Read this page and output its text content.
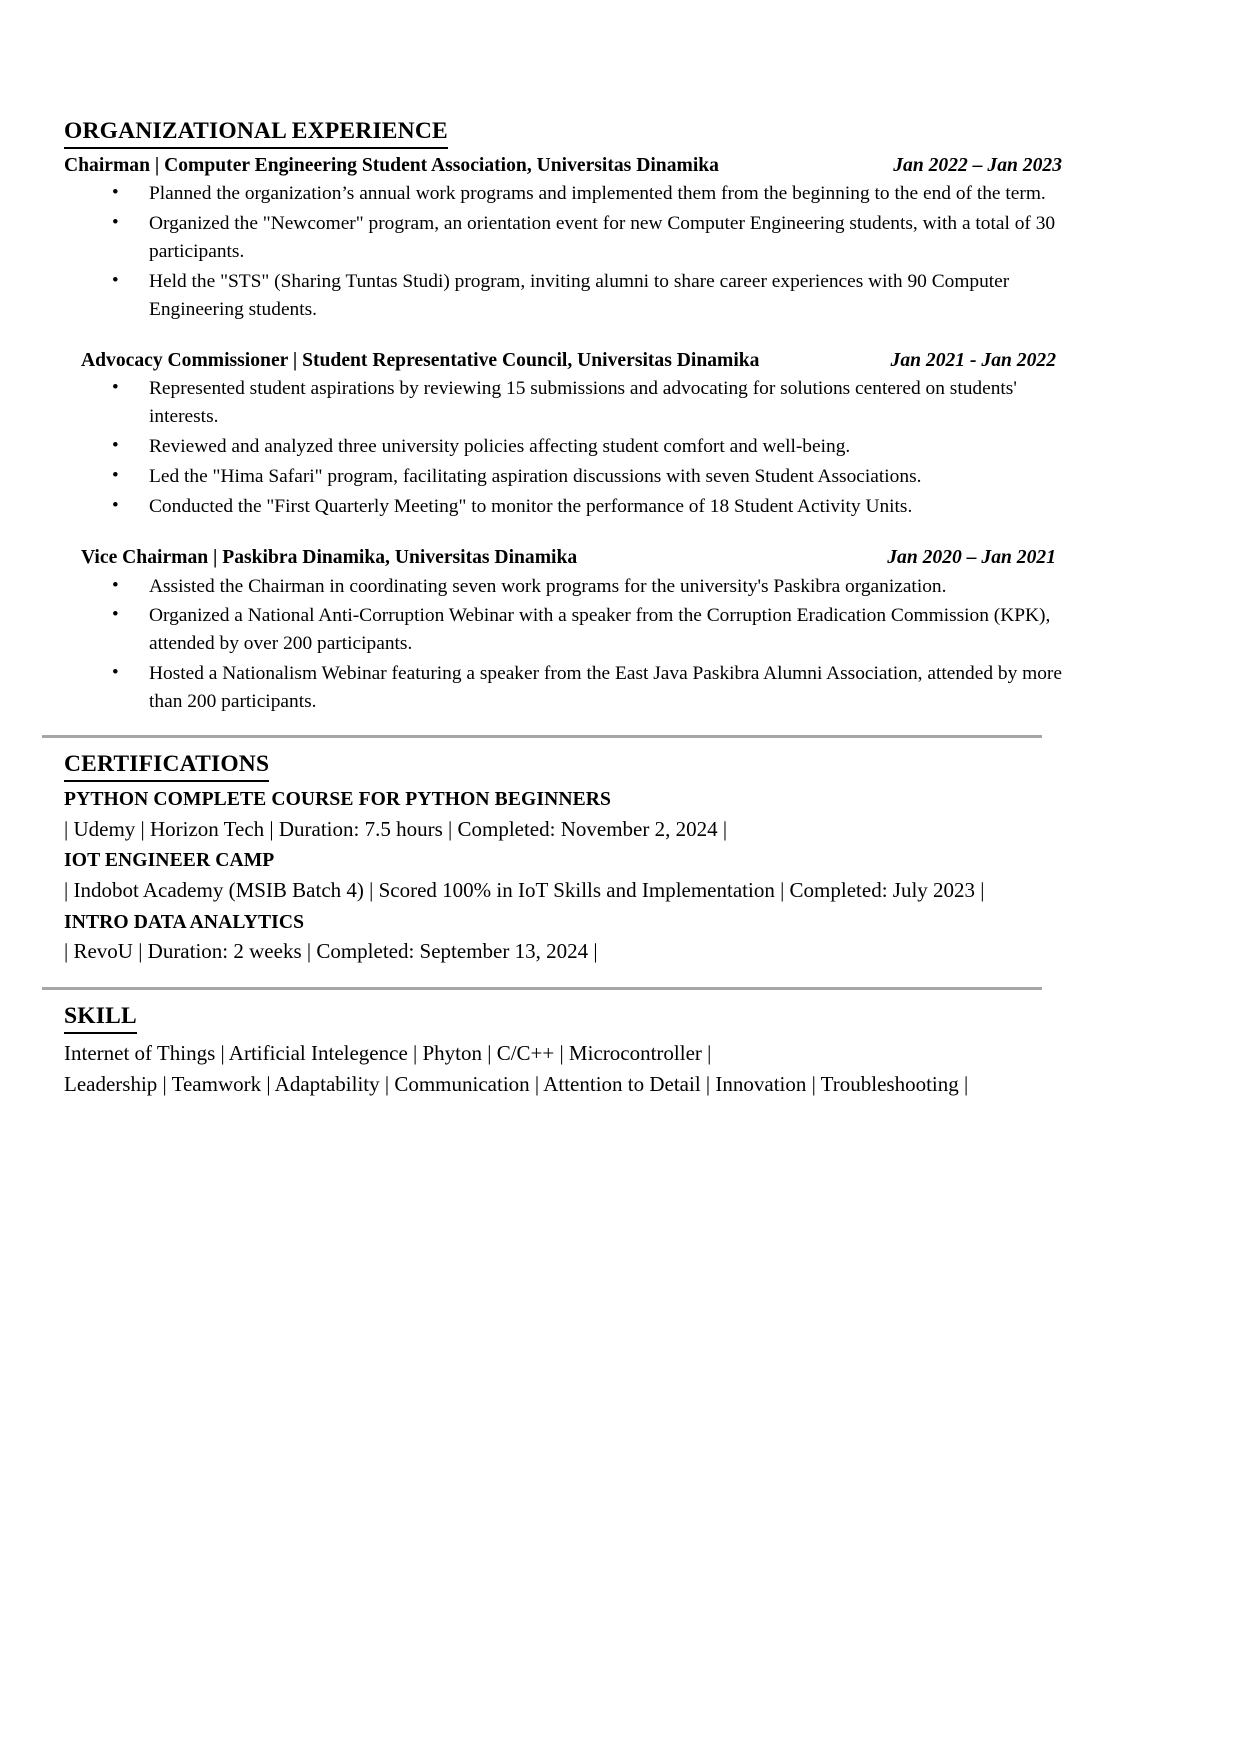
ORGANIZATIONAL EXPERIENCE
Chairman | Computer Engineering Student Association, Universitas Dinamika	Jan 2022 – Jan 2023
• Planned the organization’s annual work programs and implemented them from the beginning to the end of the term.
• Organized the "Newcomer" program, an orientation event for new Computer Engineering students, with a total of 30 participants.
• Held the "STS" (Sharing Tuntas Studi) program, inviting alumni to share career experiences with 90 Computer Engineering students.
Advocacy Commissioner | Student Representative Council, Universitas Dinamika	Jan 2021 - Jan 2022
• Represented student aspirations by reviewing 15 submissions and advocating for solutions centered on students' interests.
• Reviewed and analyzed three university policies affecting student comfort and well-being.
• Led the "Hima Safari" program, facilitating aspiration discussions with seven Student Associations.
• Conducted the "First Quarterly Meeting" to monitor the performance of 18 Student Activity Units.
Vice Chairman | Paskibra Dinamika, Universitas Dinamika	Jan 2020 – Jan 2021
• Assisted the Chairman in coordinating seven work programs for the university's Paskibra organization.
• Organized a National Anti-Corruption Webinar with a speaker from the Corruption Eradication Commission (KPK), attended by over 200 participants.
• Hosted a Nationalism Webinar featuring a speaker from the East Java Paskibra Alumni Association, attended by more than 200 participants.
CERTIFICATIONS
PYTHON COMPLETE COURSE FOR PYTHON BEGINNERS
| Udemy | Horizon Tech | Duration: 7.5 hours | Completed: November 2, 2024 |
IOT ENGINEER CAMP
| Indobot Academy (MSIB Batch 4) | Scored 100% in IoT Skills and Implementation | Completed: July 2023 |
INTRO DATA ANALYTICS
| RevoU | Duration: 2 weeks | Completed: September 13, 2024 |
SKILL
Internet of Things | Artificial Intelegence | Phyton | C/C++ | Microcontroller |
Leadership | Teamwork | Adaptability | Communication | Attention to Detail | Innovation | Troubleshooting |
